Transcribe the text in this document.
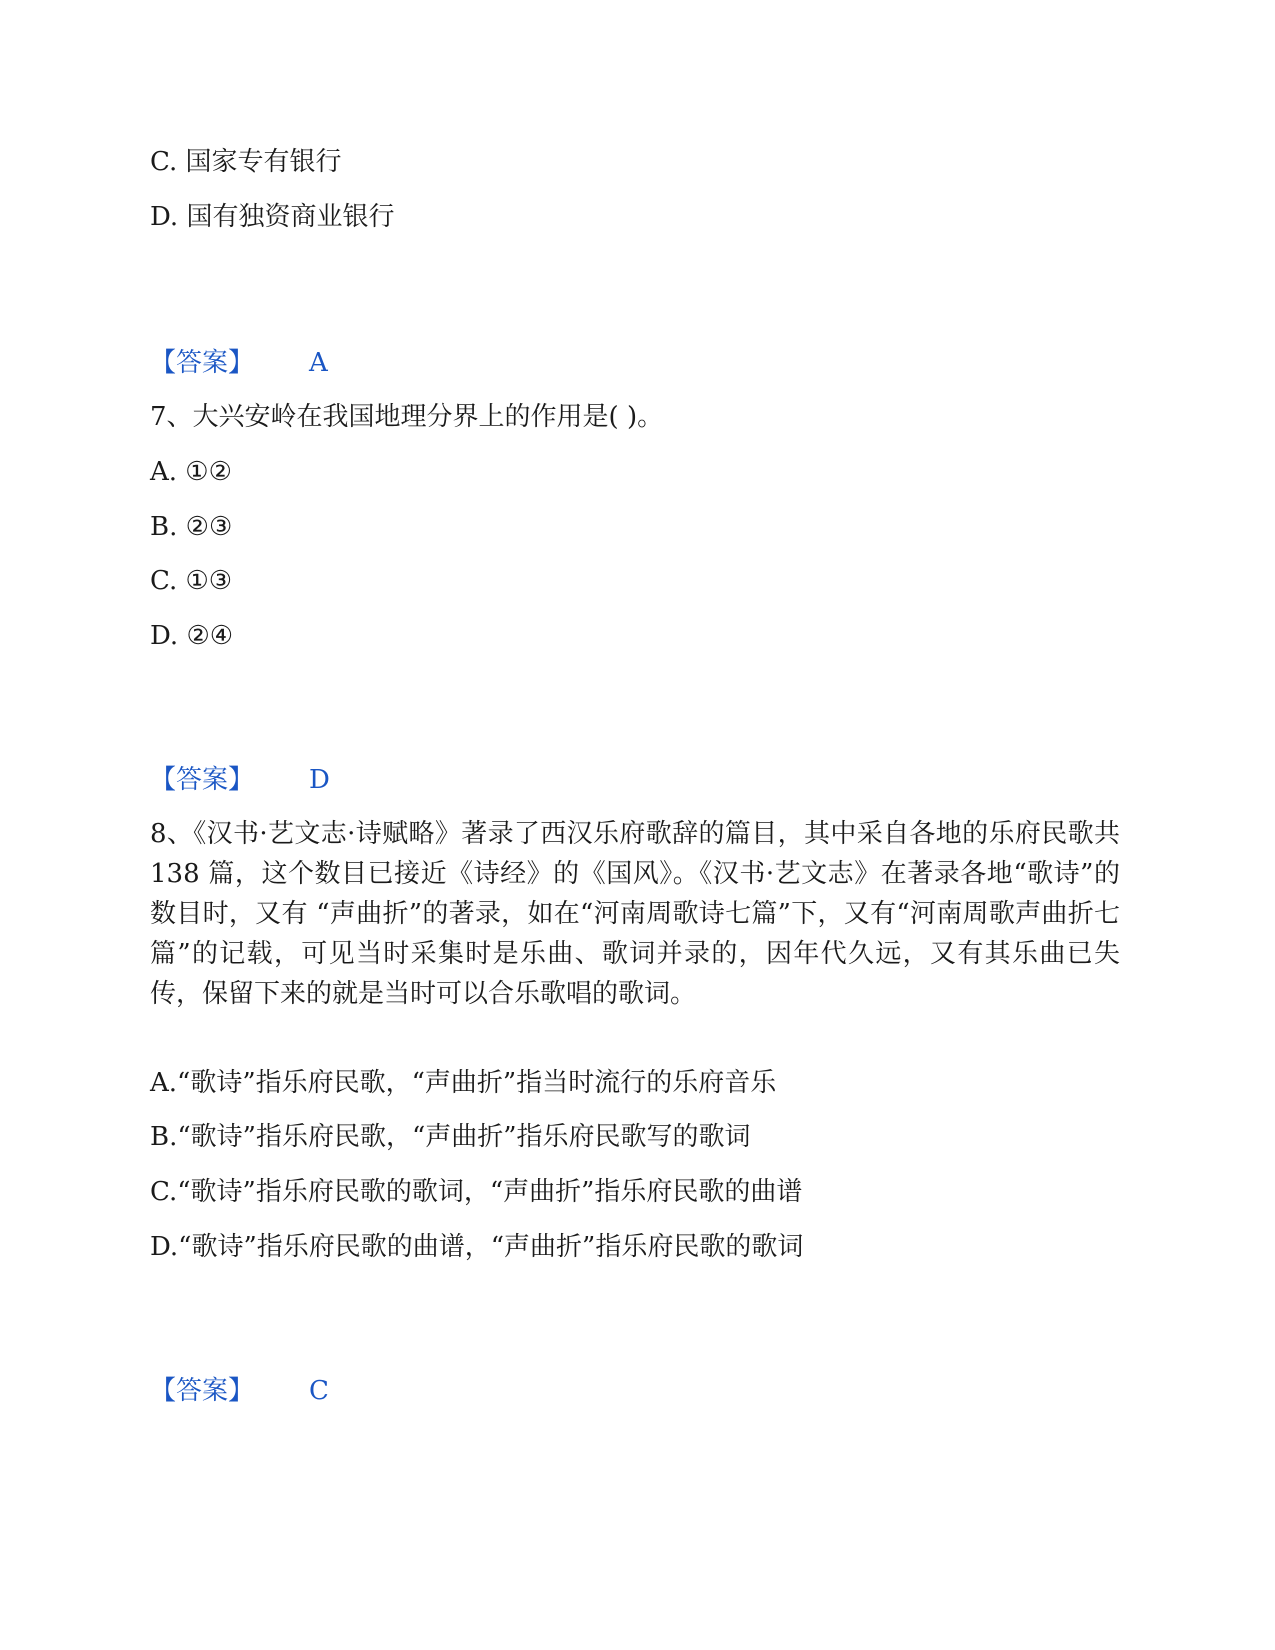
C. 国家专有银行
D. 国有独资商业银行
【答案】 A
7、大兴安岭在我国地理分界上的作用是( )。
A. ①②
B. ②③
C. ①③
D. ②④
【答案】 D
8、《汉书·艺文志·诗赋略》著录了西汉乐府歌辞的篇目，其中采自各地的乐府民歌共 138 篇，这个数目已接近《诗经》的《国风》。《汉书·艺文志》在著录各地“歌诗”的数目时，又有 “声曲折”的著录，如在“河南周歌诗七篇”下，又有“河南周歌声曲折七篇”的记载，可见当时采集时是乐曲、歌词并录的，因年代久远，又有其乐曲已失传，保留下来的就是当时可以合乐歌唱的歌词。
A.“歌诗”指乐府民歌，“声曲折”指当时流行的乐府音乐
B.“歌诗”指乐府民歌，“声曲折”指乐府民歌写的歌词
C.“歌诗”指乐府民歌的歌词，“声曲折”指乐府民歌的曲谱
D.“歌诗”指乐府民歌的曲谱，“声曲折”指乐府民歌的歌词
【答案】 C
